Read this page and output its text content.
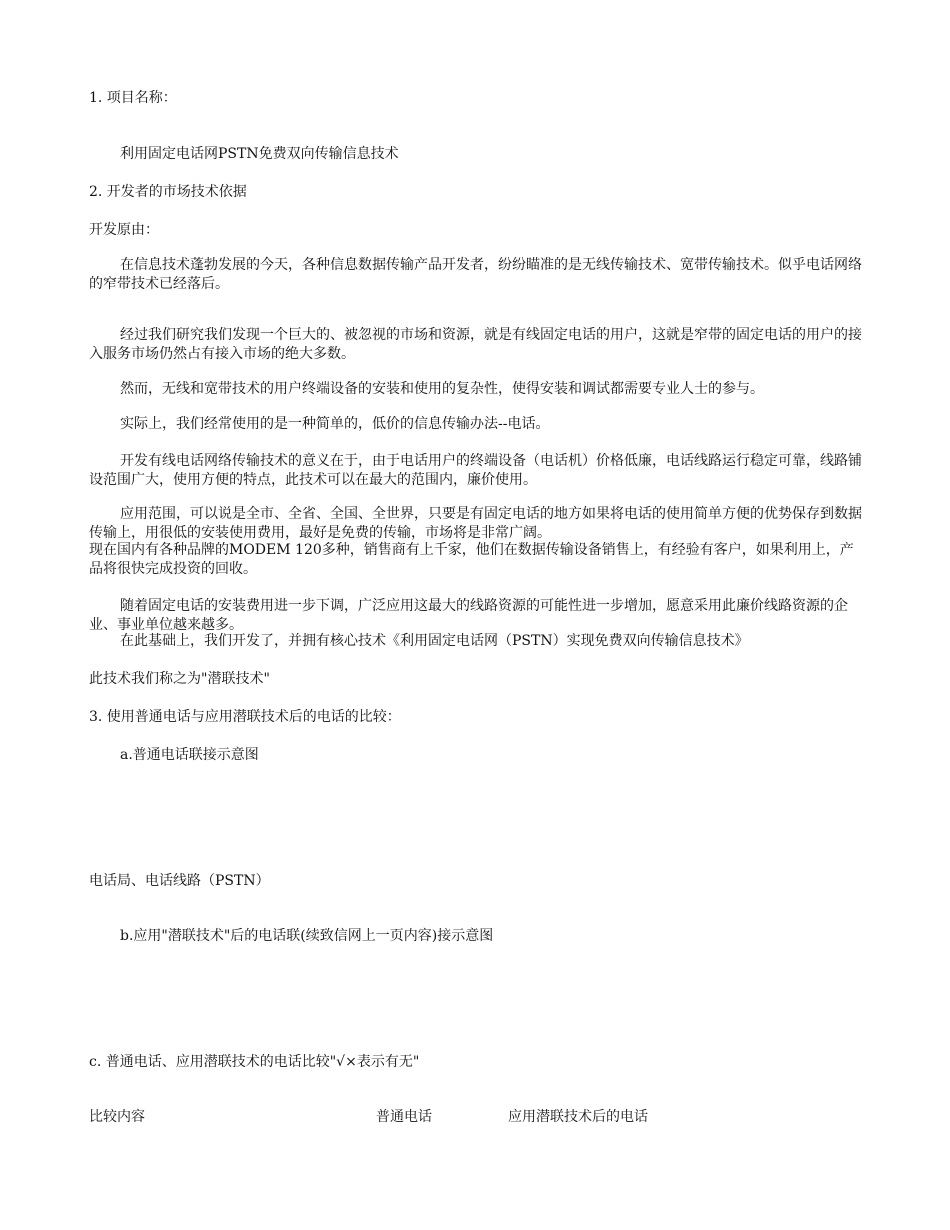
1. 项目名称：

利用固定电话网PSTN免费双向传输信息技术

2. 开发者的市场技术依据

开发原由：

在信息技术蓬勃发展的今天，各种信息数据传输产品开发者，纷纷瞄准的是无线传输技术、宽带传输技术。似乎电话网络的窄带技术已经落后。

经过我们研究我们发现一个巨大的、被忽视的市场和资源，就是有线固定电话的用户，这就是窄带的固定电话的用户的接入服务市场仍然占有接入市场的绝大多数。

然而，无线和宽带技术的用户终端设备的安装和使用的复杂性，使得安装和调试都需要专业人士的参与。

实际上，我们经常使用的是一种简单的，低价的信息传输办法--电话。

开发有线电话网络传输技术的意义在于，由于电话用户的终端设备（电话机）价格低廉，电话线路运行稳定可靠，线路铺设范围广大，使用方便的特点，此技术可以在最大的范围内，廉价使用。

应用范围，可以说是全市、全省、全国、全世界，只要是有固定电话的地方如果将电话的使用简单方便的优势保存到数据传输上，用很低的安装使用费用，最好是免费的传输，市场将是非常广阔。

现在国内有各种品牌的MODEM 120多种，销售商有上千家，他们在数据传输设备销售上，有经验有客户，如果利用上，产品将很快完成投资的回收。

随着固定电话的安装费用进一步下调，广泛应用这最大的线路资源的可能性进一步增加，愿意采用此廉价线路资源的企业、事业单位越来越多。

在此基础上，我们开发了，并拥有核心技术《利用固定电话网（PSTN）实现免费双向传输信息技术》

此技术我们称之为"潜联技术"

3. 使用普通电话与应用潜联技术后的电话的比较：

a.普通电话联接示意图

电话局、电话线路（PSTN）

b.应用"潜联技术"后的电话联(续致信网上一页内容)接示意图

c. 普通电话、应用潜联技术的电话比较"√×表示有无"

比较内容	普通电话	应用潜联技术后的电话
